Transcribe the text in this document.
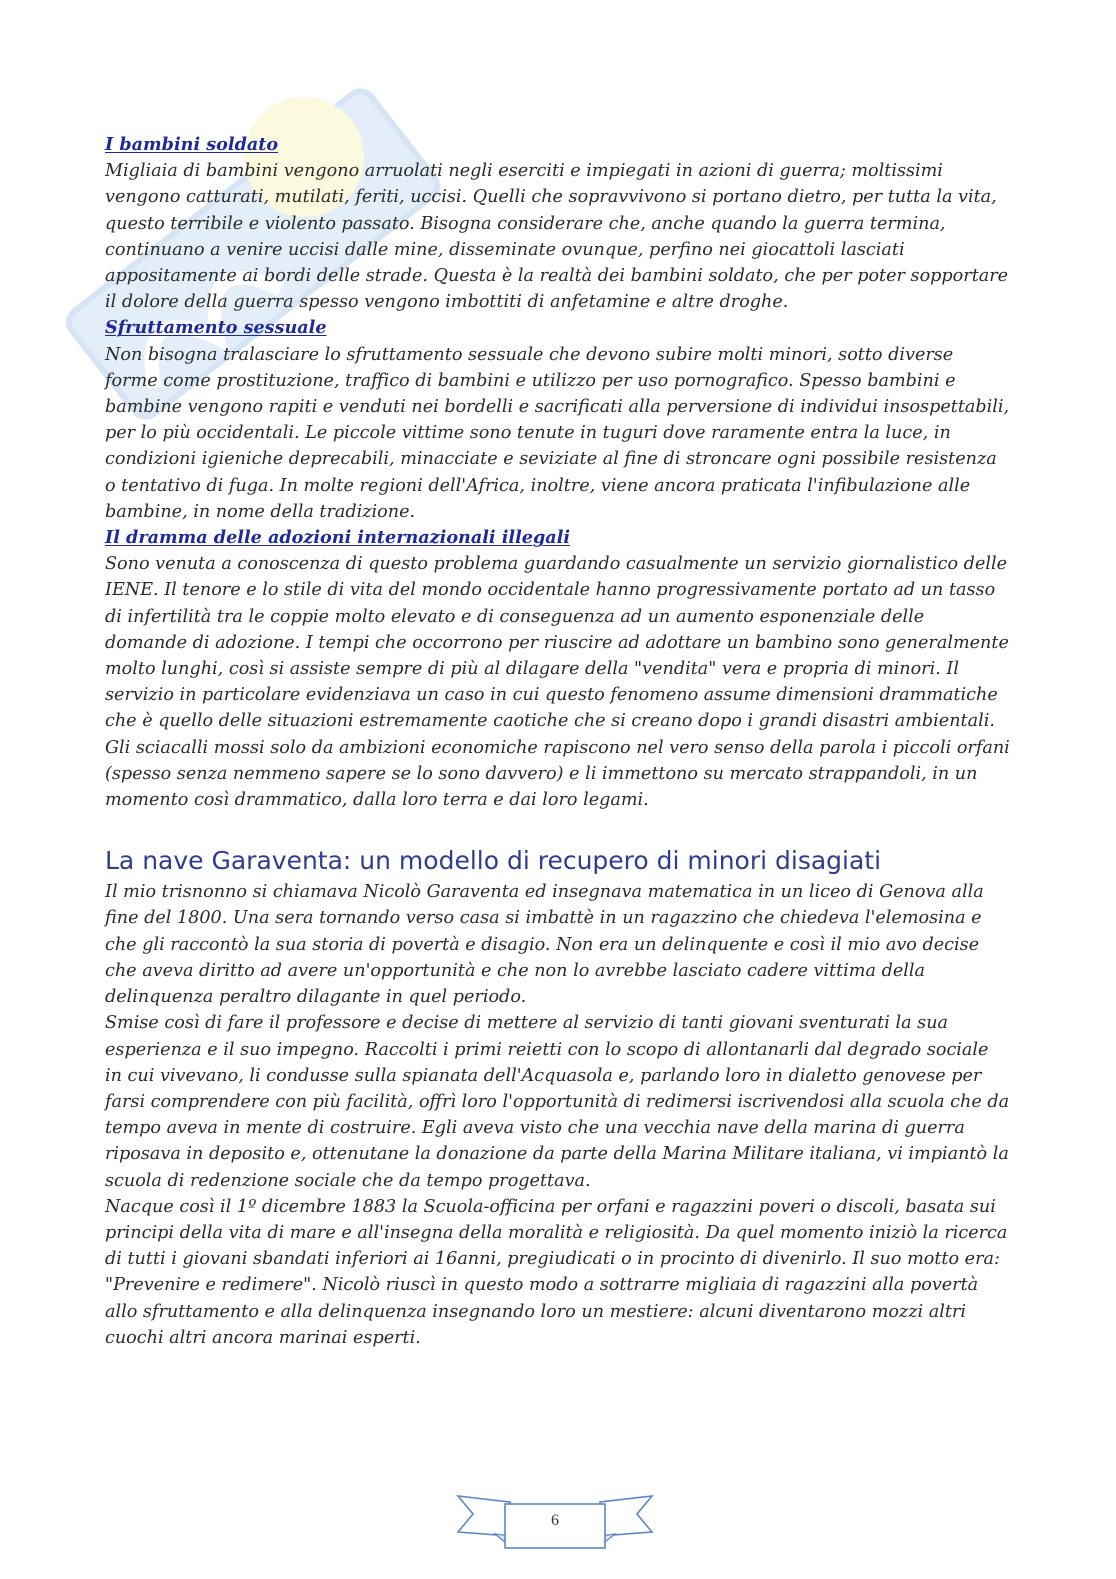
I bambini soldato

Migliaia di bambini vengono arruolati negli eserciti e impiegati in azioni di guerra; moltissimi vengono catturati, mutilati, feriti, uccisi. Quelli che sopravvivono si portano dietro, per tutta la vita, questo terribile e violento passato. Bisogna considerare che, anche quando la guerra termina, continuano a venire uccisi dalle mine, disseminate ovunque, perfino nei giocattoli lasciati appositamente ai bordi delle strade. Questa è la realtà dei bambini soldato, che per poter sopportare il dolore della guerra spesso vengono imbottiti di anfetamine e altre droghe.

Sfruttamento sessuale

Non bisogna tralasciare lo sfruttamento sessuale che devono subire molti minori, sotto diverse forme come prostituzione, traffico di bambini e utilizzo per uso pornografico. Spesso bambini e bambine vengono rapiti e venduti nei bordelli e sacrificati alla perversione di individui insospettabili, per lo più occidentali. Le piccole vittime sono tenute in tuguri dove raramente entra la luce, in condizioni igieniche deprecabili, minacciate e seviziate al fine di stroncare ogni possibile resistenza o tentativo di fuga. In molte regioni dell'Africa, inoltre, viene ancora praticata l'infibulazione alle bambine, in nome della tradizione.

Il dramma delle adozioni internazionali illegali

Sono venuta a conoscenza di questo problema guardando casualmente un servizio giornalistico delle IENE. Il tenore e lo stile di vita del mondo occidentale hanno progressivamente portato ad un tasso di infertilità tra le coppie molto elevato e di conseguenza ad un aumento esponenziale delle domande di adozione. I tempi che occorrono per riuscire ad adottare un bambino sono generalmente molto lunghi, così si assiste sempre di più al dilagare della "vendita" vera e propria di minori. Il servizio in particolare evidenziava un caso in cui questo fenomeno assume dimensioni drammatiche che è quello delle situazioni estremamente caotiche che si creano dopo i grandi disastri ambientali. Gli sciacalli mossi solo da ambizioni economiche rapiscono nel vero senso della parola i piccoli orfani (spesso senza nemmeno sapere se lo sono davvero) e li immettono su mercato strappandoli, in un momento così drammatico, dalla loro terra e dai loro legami.

La nave Garaventa: un modello di recupero di minori disagiati

Il mio trisnonno si chiamava Nicolò Garaventa ed insegnava matematica in un liceo di Genova alla fine del 1800. Una sera tornando verso casa si imbattè in un ragazzino che chiedeva l'elemosina e che gli raccontò la sua storia di povertà e disagio. Non era un delinquente e così il mio avo decise che aveva diritto ad avere un'opportunità e che non lo avrebbe lasciato cadere vittima della delinquenza peraltro dilagante in quel periodo.

Smise così di fare il professore e decise di mettere al servizio di tanti giovani sventurati la sua esperienza e il suo impegno. Raccolti i primi reietti con lo scopo di allontanarli dal degrado sociale in cui vivevano, li condusse sulla spianata dell'Acquasola e, parlando loro in dialetto genovese per farsi comprendere con più facilità, offrì loro l'opportunità di redimersi iscrivendosi alla scuola che da tempo aveva in mente di costruire. Egli aveva visto che una vecchia nave della marina di guerra riposava in deposito e, ottenutane la donazione da parte della Marina Militare italiana, vi impiantò la scuola di redenzione sociale che da tempo progettava.

Nacque così il 1º dicembre 1883 la Scuola-officina per orfani e ragazzini poveri o discoli, basata sui principi della vita di mare e all'insegna della moralità e religiosità. Da quel momento iniziò la ricerca di tutti i giovani sbandati inferiori ai 16anni, pregiudicati o in procinto di divenirlo. Il suo motto era: "Prevenire e redimere". Nicolò riuscì in questo modo a sottrarre migliaia di ragazzini alla povertà allo sfruttamento e alla delinquenza insegnando loro un mestiere: alcuni diventarono mozzi altri cuochi altri ancora marinai esperti.

6
